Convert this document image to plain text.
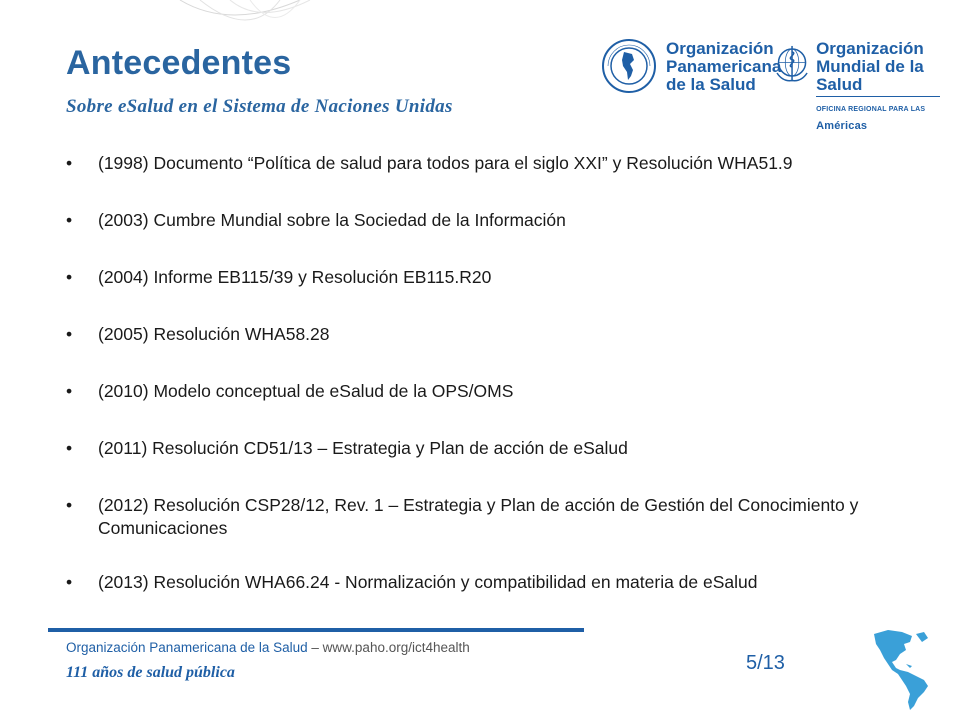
Antecedentes
Sobre eSalud en el Sistema de Naciones Unidas
Organización
Panamericana
de la Salud
Organización
Mundial de la Salud
OFICINA REGIONAL PARA LAS Américas
• (1998) Documento “Política de salud para todos para el siglo XXI” y Resolución WHA51.9
• (2003) Cumbre Mundial sobre la Sociedad de la Información
• (2004) Informe EB115/39 y Resolución EB115.R20
• (2005) Resolución WHA58.28
• (2010) Modelo conceptual de eSalud de la OPS/OMS
• (2011) Resolución CD51/13 – Estrategia y Plan de acción de eSalud
• (2012) Resolución CSP28/12, Rev. 1 – Estrategia y Plan de acción de Gestión del Conocimiento y Comunicaciones
• (2013) Resolución WHA66.24 - Normalización y compatibilidad en materia de eSalud
Organización Panamericana de la Salud – www.paho.org/ict4health
111 años de salud pública	5/13
